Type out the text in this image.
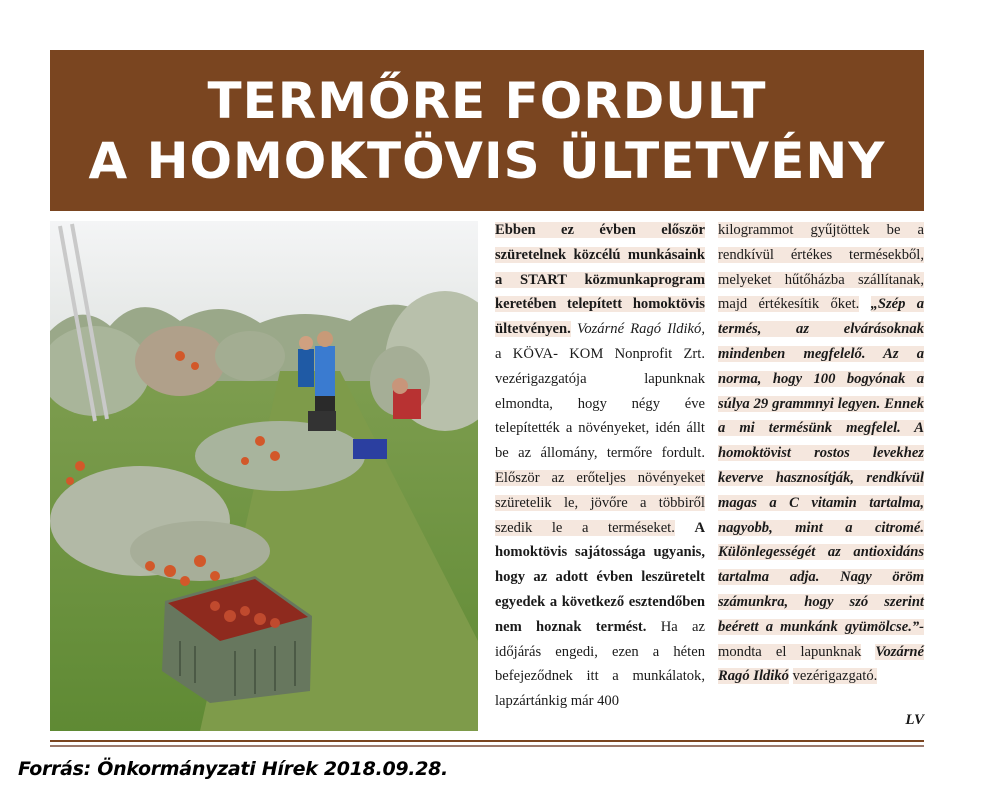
TERMŐRE FORDULT
A HOMOKTÖVIS ÜLTETVÉNY

Ebben ez évben először szüretelnek közcélú munkásaink a START közmunkaprogram keretében telepített homoktövis ültetvényen. Vozárné Ragó Ildikó, a KÖVA- KOM Nonprofit Zrt. vezérigazgatója lapunknak elmondta, hogy négy éve telepítették a növényeket, idén állt be az állomány, termőre fordult. Először az erőteljes növényeket szüretelik le, jövőre a többiről szedik le a terméseket. A homoktövis sajátossága ugyanis, hogy az adott évben leszüretelt egyedek a következő esztendőben nem hoznak termést. Ha az időjárás engedi, ezen a héten befejeződnek itt a munkálatok, lapzártánkig már 400

kilogrammot gyűjtöttek be a rendkívül értékes termésekből, melyeket hűtőházba szállítanak, majd értékesítik őket. „Szép a termés, az elvárásoknak mindenben megfelelő. Az a norma, hogy 100 bogyónak a súlya 29 grammnyi legyen. Ennek a mi termésünk megfelel. A homoktövist rostos levekhez keverve hasznosítják, rendkívül magas a C vitamin tartalma, nagyobb, mint a citromé. Különlegességét az antioxidáns tartalma adja. Nagy öröm számunkra, hogy szó szerint beérett a munkánk gyümölcse.”- mondta el lapunknak Vozárné Ragó Ildikó vezérigazgató.

LV
Forrás: Önkormányzati Hírek 2018.09.28.
